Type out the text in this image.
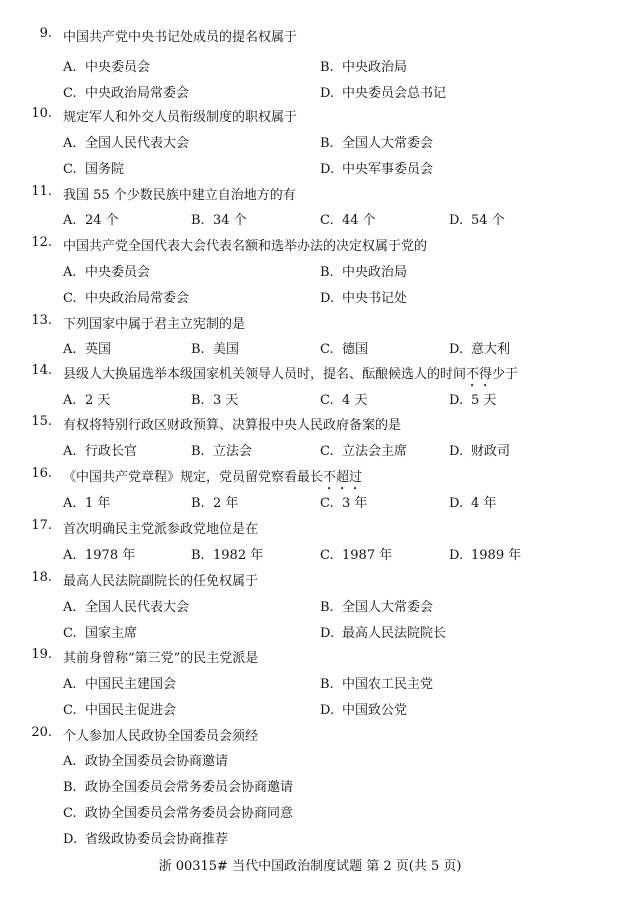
9. 中国共产党中央书记处成员的提名权属于
A. 中央委员会	B. 中央政治局
C. 中央政治局常委会	D. 中央委员会总书记
10. 规定军人和外交人员衔级制度的职权属于
A. 全国人民代表大会	B. 全国人大常委会
C. 国务院	D. 中央军事委员会
11. 我国 55 个少数民族中建立自治地方的有
A. 24 个	B. 34 个	C. 44 个	D. 54 个
12. 中国共产党全国代表大会代表名额和选举办法的决定权属于党的
A. 中央委员会	B. 中央政治局
C. 中央政治局常委会	D. 中央书记处
13. 下列国家中属于君主立宪制的是
A. 英国	B. 美国	C. 德国	D. 意大利
14. 县级人大换届选举本级国家机关领导人员时，提名、酝酿候选人的时间不得少于
A. 2 天	B. 3 天	C. 4 天	D. 5 天
15. 有权将特别行政区财政预算、决算报中央人民政府备案的是
A. 行政长官	B. 立法会	C. 立法会主席	D. 财政司
16. 《中国共产党章程》规定，党员留党察看最长不超过
A. 1 年	B. 2 年	C. 3 年	D. 4 年
17. 首次明确民主党派参政党地位是在
A. 1978 年	B. 1982 年	C. 1987 年	D. 1989 年
18. 最高人民法院副院长的任免权属于
A. 全国人民代表大会	B. 全国人大常委会
C. 国家主席	D. 最高人民法院院长
19. 其前身曾称“第三党”的民主党派是
A. 中国民主建国会	B. 中国农工民主党
C. 中国民主促进会	D. 中国致公党
20. 个人参加人民政协全国委员会须经
A. 政协全国委员会协商邀请
B. 政协全国委员会常务委员会协商邀请
C. 政协全国委员会常务委员会协商同意
D. 省级政协委员会协商推荐
浙 00315# 当代中国政治制度试题 第 2 页(共 5 页)
